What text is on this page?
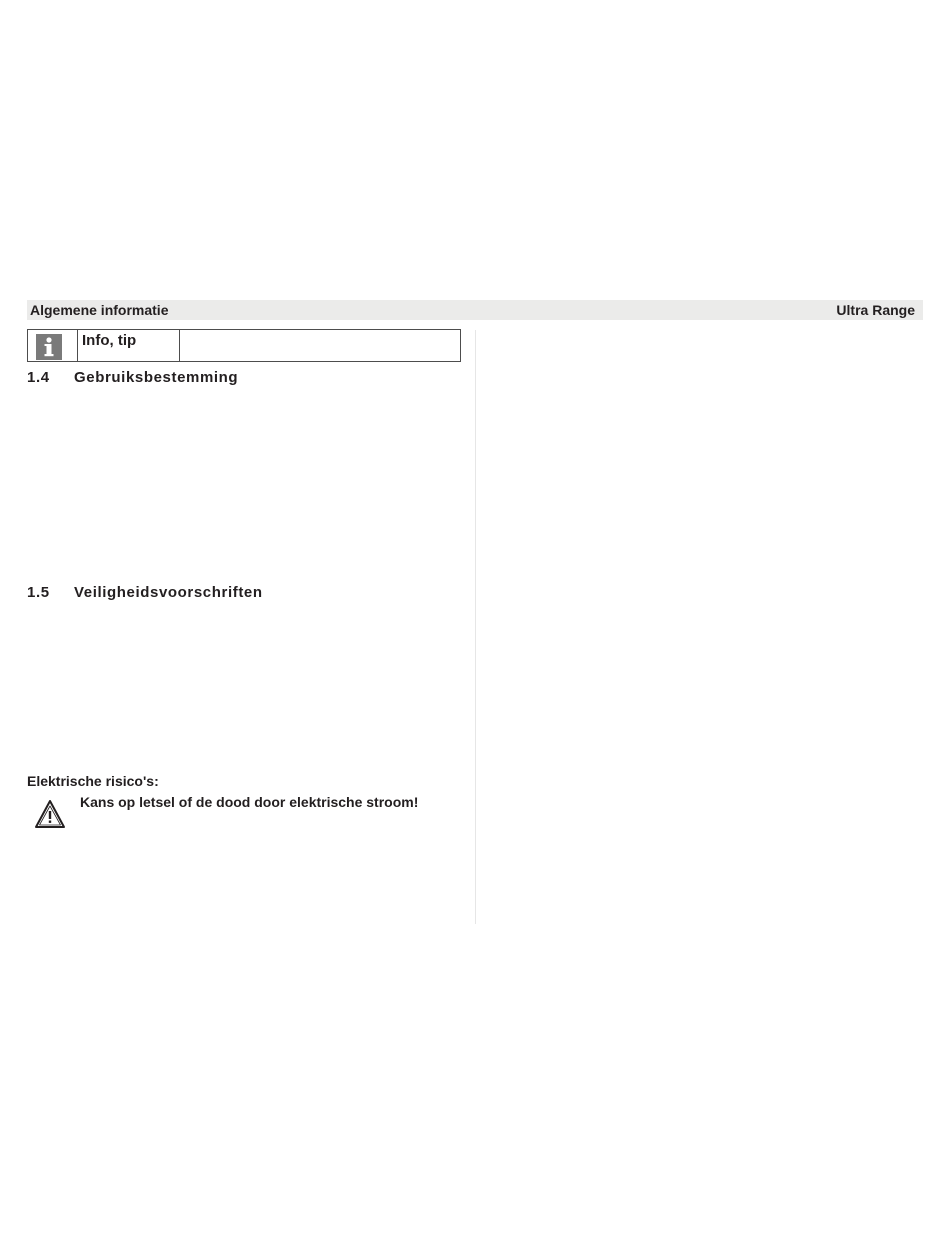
Algemene informatie	Ultra Range
Info, tip
1.4 Gebruiksbestemming
1.5 Veiligheidsvoorschriften
Elektrische risico's:
Kans op letsel of de dood door elektrische stroom!
